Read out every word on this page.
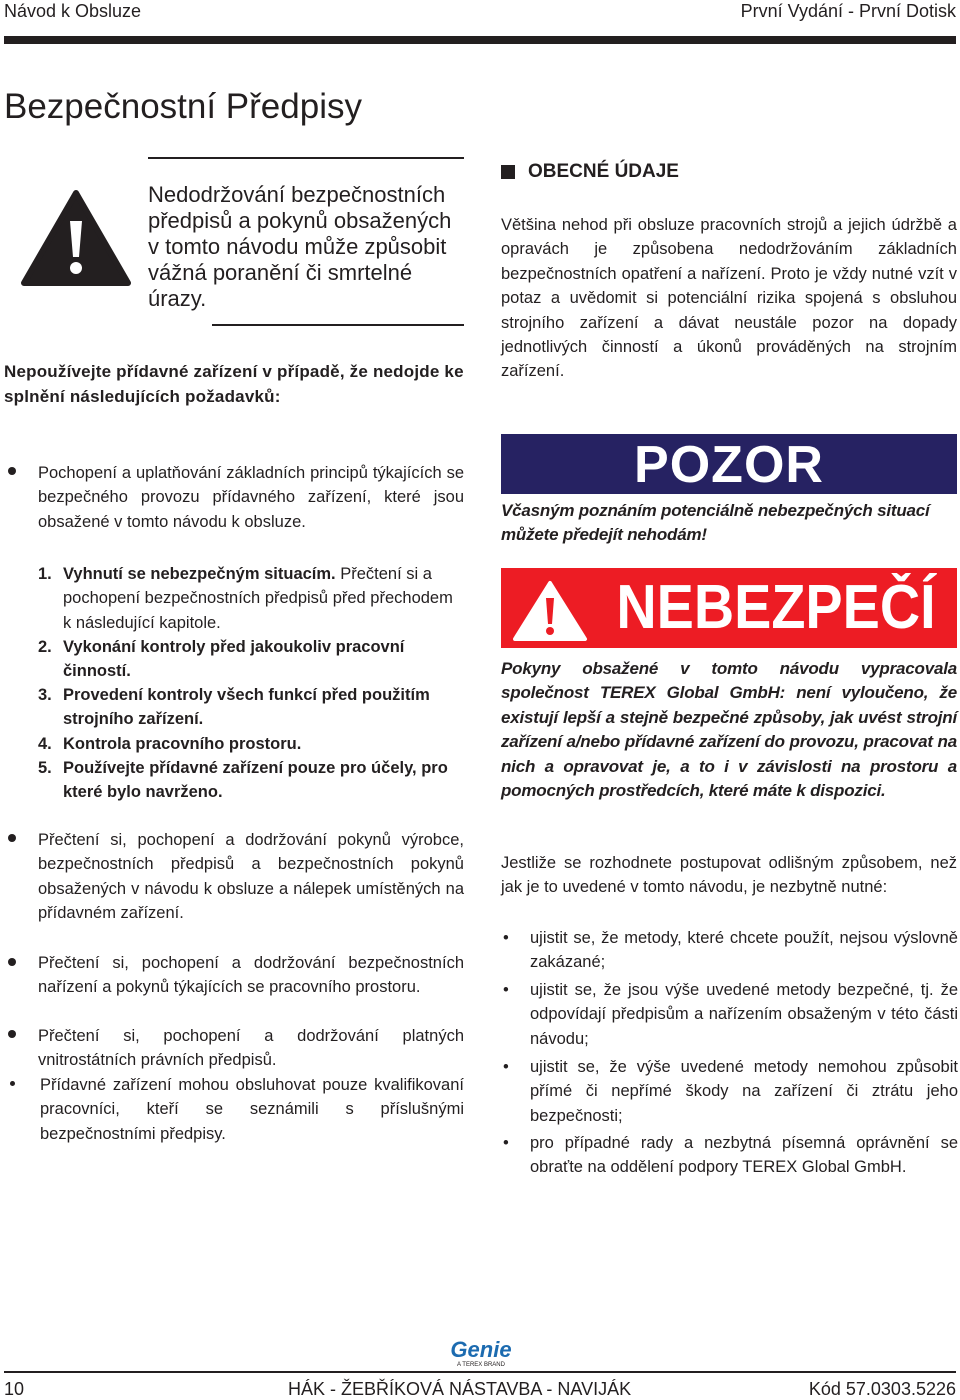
Návod k Obsluze	První Vydání - První Dotisk
Bezpečnostní Předpisy
Nedodržování bezpečnostních předpisů a pokynů obsažených v tomto návodu může způsobit vážná poranění či smrtelné úrazy.
Nepoužívejte přídavné zařízení v případě, že nedojde ke splnění následujících požadavků:
Pochopení a uplatňování základních principů týkajících se bezpečného provozu přídavného zařízení, které jsou obsažené v tomto návodu k obsluze.
1. Vyhnutí se nebezpečným situacím. Přečtení si a pochopení bezpečnostních předpisů před přechodem k následující kapitole.
2. Vykonání kontroly před jakoukoliv pracovní činností.
3. Provedení kontroly všech funkcí před použitím strojního zařízení.
4. Kontrola pracovního prostoru.
5. Používejte přídavné zařízení pouze pro účely, pro které bylo navrženo.
Přečtení si, pochopení a dodržování pokynů výrobce, bezpečnostních předpisů a bezpečnostních pokynů obsažených v návodu k obsluze a nálepek umístěných na přídavném zařízení.
Přečtení si, pochopení a dodržování bezpečnostních nařízení a pokynů týkajících se pracovního prostoru.
Přečtení si, pochopení a dodržování platných vnitrostátních právních předpisů.
Přídavné zařízení mohou obsluhovat pouze kvalifikovaní pracovníci, kteří se seznámili s příslušnými bezpečnostními předpisy.
OBECNÉ ÚDAJE
Většina nehod při obsluze pracovních strojů a jejich údržbě a opravách je způsobena nedodržováním základních bezpečnostních opatření a nařízení. Proto je vždy nutné vzít v potaz a uvědomit si potenciální rizika spojená s obsluhou strojního zařízení a dávat neustále pozor na dopady jednotlivých činností a úkonů prováděných na strojním zařízení.
POZOR
Včasným poznáním potenciálně nebezpečných situací můžete předejít nehodám!
NEBEZPEČÍ
Pokyny obsažené v tomto návodu vypracovala společnost TEREX Global GmbH: není vyloučeno, že existují lepší a stejně bezpečné způsoby, jak uvést strojní zařízení a/nebo přídavné zařízení do provozu, pracovat na nich a opravovat je, a to i v závislosti na prostoru a pomocných prostředcích, které máte k dispozici.
Jestliže se rozhodnete postupovat odlišným způsobem, než jak je to uvedené v tomto návodu, je nezbytně nutné:
• ujistit se, že metody, které chcete použít, nejsou výslovně zakázané;
• ujistit se, že jsou výše uvedené metody bezpečné, tj. že odpovídají předpisům a nařízením obsaženým v této části návodu;
• ujistit se, že výše uvedené metody nemohou způsobit přímé či nepřímé škody na zařízení či ztrátu jeho bezpečnosti;
• pro případné rady a nezbytná písemná oprávnění se obraťte na oddělení podpory TEREX Global GmbH.
Genie
A TEREX BRAND
10	HÁK - ŽEBŘÍKOVÁ NÁSTAVBA - NAVIJÁK	Kód 57.0303.5226
